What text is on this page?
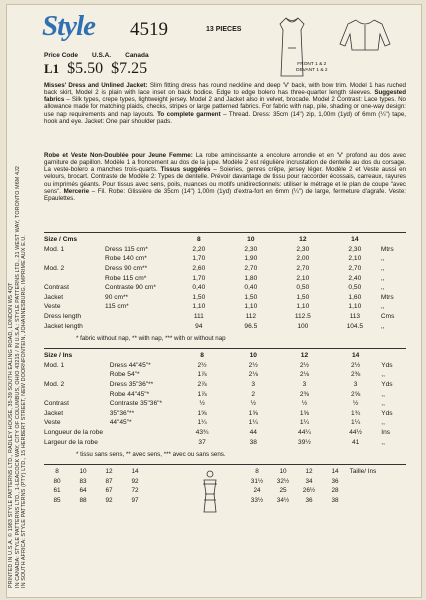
PRINTED IN U.S.A. © 1983 STYLE PATTERNS LTD., RADLEY HOUSE, 35-39 SOUTH EALING ROAD, LONDON W5 4QT IN CANADA: STYLE PATTERNS LTD., 1-LEACOCK WAY, CITY OF COLUMBUS, OHIO 43215 / IN U.S.A.: STYLE PATTERNS LTD., 21 WEST WAY, TORONTO M6M 4J2 IN SOUTH AFRICA: STYLE PATTERNS (PTY) LTD., 15 HERBERT STREET, NEW DOORNFONTEIN, JOHANNESBURG. IMPRIME AUX E.U.
Style 4519	13 PIECES
Price Code U.S.A. Canada
L1 $5.50 $7.25	FRONT 1 & 2
DEVANT 1 & 2
Misses' Dress and Unlined Jacket: Slim fitting dress has round neckline and deep 'V' back, with bow trim. Model 1 has ruched back skirt, Model 2 is plain with lace inset on back bodice. Edge to edge bolero has three-quarter length sleeves. Suggested fabrics – Silk types, crepe types, lightweight jersey. Model 2 and Jacket also in velvet, brocade. Model 2 Contrast: Lace types. No allowance made for matching plaids, checks, stripes or large patterned fabrics. For fabric with nap, pile, shading or one-way design: use nap requirements and nap layouts. To complete garment – Thread. Dress: 35cm (14") zip, 1,00m (1yd) of 6mm (¼") tape, hook and eye. Jacket: One pair shoulder pads.
Robe et Veste Non-Doublée pour Jeune Femme: La robe amincissante a encolure arrondie et en 'V' profond au dos avec garniture de papillon. Modèle 1 a froncement au dos de la jupe. Modèle 2 est régulière incrustation de dentelle au dos du corsage. La veste-bolero a manches trois-quarts. Tissus suggérés – Soieries, genres crêpe, jersey léger. Modèle 2 et Veste aussi en velours, brocart. Contraste de Modèle 2: Types de dentelle. Prévoir davantage de tissu pour raccorder écossais, carreaux, rayures ou imprimés géants. Pour tissus avec sens, poils, nuances ou motifs unidirectionnels: utiliser le métrage et le plan de coupe "avec sens". Mercerie – Fil. Robe: Glissière de 35cm (14") 1,00m (1yd) d'extra-fort en 6mm (¼") de large, fermeture d'agrafe. Veste: Epaulettes.
Size / Cms		8	10	12	14	
Mod. 1	Dress 115 cm*	2,20	2,30	2,30	2,30	Mtrs
	Robe 140 cm*	1,70	1,90	2,00	2,10	,,
Mod. 2	Dress 90 cm**	2,60	2,70	2,70	2,70	,,
	Robe 115 cm*	1,70	1,80	2,10	2,40	,,
Contrast	Contraste 90 cm*	0,40	0,40	0,50	0,50	,,
Jacket	90 cm**	1,50	1,50	1,50	1,60	Mtrs
Veste	115 cm*	1,10	1,10	1,10	1,10	,,
Dress length		111	112	112.5	113	Cms
Jacket length		94	96.5	100	104.5	,,
* fabric without nap, ** with nap, *** with or without nap
Size / Ins		8	10	12	14	
Mod. 1	Dress 44"45"*	2½	2½	2½	2½	Yds
	Robe 54"*	1⅞	2⅛	2⅛	2⅜	,,
Mod. 2	Dress 35"36"**	2⅞	3	3	3	Yds
	Robe 44"45"*	1⅞	2	2⅜	2⅝	,,
Contrast	Contraste 35"36"*	½	½	½	½	,,
Jacket	35"36"**	1⅝	1⅝	1⅝	1¾	Yds
Veste	44"45"*	1¼	1¼	1¼	1¼	,,
Longueur de la robe		43¾	44	44¼	44½	Ins
Largeur de la robe		37	38	39½	41	,,
* tissu sans sens, ** avec sens, *** avec ou sans sens.
8	10	12	14
80	83	87	92
61	64	67	72
85	88	92	97
8	10	12	14	Taille/ Ins
31½	32½	34	36
24	25	26½	28
33½	34½	36	38
